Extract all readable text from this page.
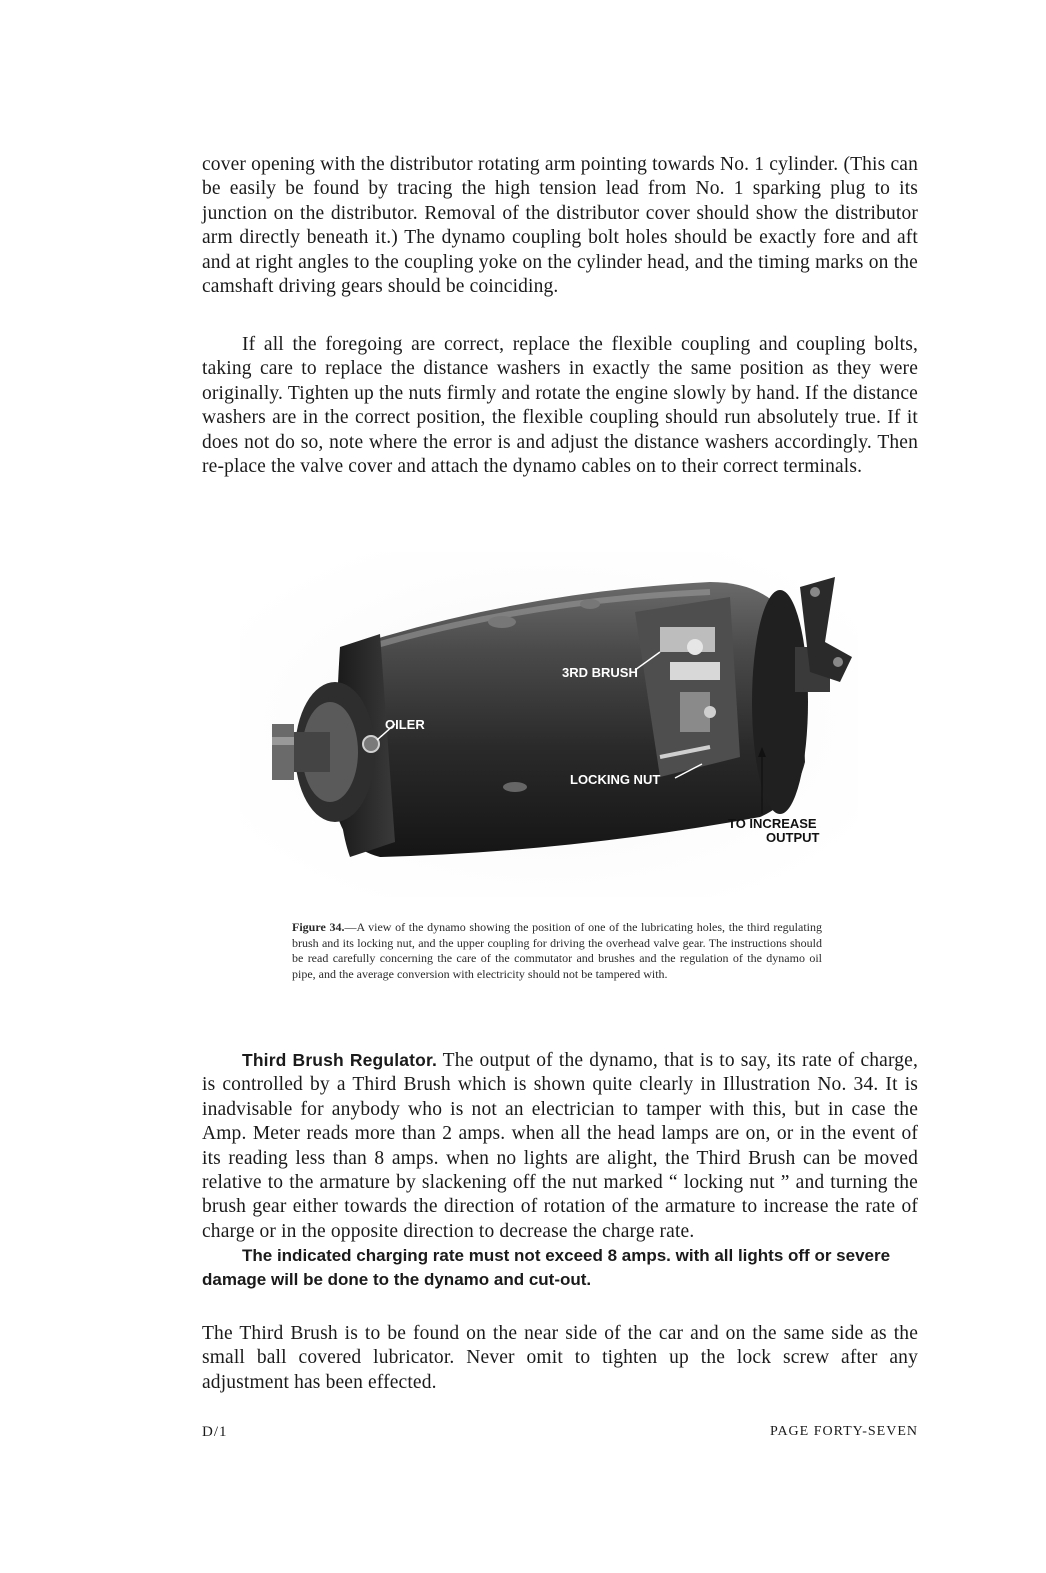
cover opening with the distributor rotating arm pointing towards No. 1 cylinder. (This can be easily be found by tracing the high tension lead from No. 1 sparking plug to its junction on the distributor. Removal of the distributor cover should show the distributor arm directly beneath it.) The dynamo coupling bolt holes should be exactly fore and aft and at right angles to the coupling yoke on the cylinder head, and the timing marks on the camshaft driving gears should be coinciding.
If all the foregoing are correct, replace the flexible coupling and coupling bolts, taking care to replace the distance washers in exactly the same position as they were originally. Tighten up the nuts firmly and rotate the engine slowly by hand. If the distance washers are in the correct position, the flexible coupling should run absolutely true. If it does not do so, note where the error is and adjust the distance washers accordingly. Then re-place the valve cover and attach the dynamo cables on to their correct terminals.
3RD BRUSH
OILER
LOCKING NUT
TO INCREASE
OUTPUT
Figure 34.—A view of the dynamo showing the position of one of the lubricating holes, the third regulating brush and its locking nut, and the upper coupling for driving the overhead valve gear. The instructions should be read carefully concerning the care of the commutator and brushes and the regulation of the dynamo oil pipe, and the average conversion with electricity should not be tampered with.
Third Brush Regulator. The output of the dynamo, that is to say, its rate of charge, is controlled by a Third Brush which is shown quite clearly in Illustration No. 34. It is inadvisable for anybody who is not an electrician to tamper with this, but in case the Amp. Meter reads more than 2 amps. when all the head lamps are on, or in the event of its reading less than 8 amps. when no lights are alight, the Third Brush can be moved relative to the armature by slackening off the nut marked “ locking nut ” and turning the brush gear either towards the direction of rotation of the armature to increase the rate of charge or in the opposite direction to decrease the charge rate.
The indicated charging rate must not exceed 8 amps. with all lights off or severe damage will be done to the dynamo and cut-out.
The Third Brush is to be found on the near side of the car and on the same side as the small ball covered lubricator. Never omit to tighten up the lock screw after any adjustment has been effected.
D/1	PAGE FORTY-SEVEN
